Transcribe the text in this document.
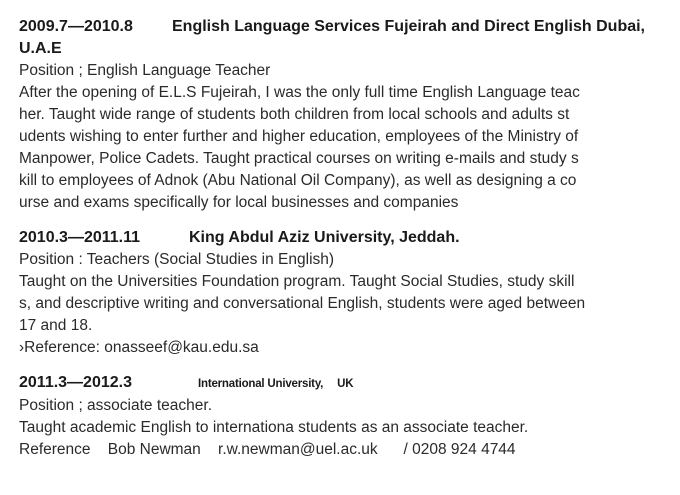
2009.7—2010.8 English Language Services Fujeirah and Direct English Dubai,
U.A.E
Position ; English Language Teacher
After the opening of E.L.S Fujeirah, I was the only full time English Language teac
her. Taught wide range of students both children from local schools and adults st
udents wishing to enter further and higher education, employees of the Ministry of
Manpower, Police Cadets. Taught practical courses on writing e-mails and study s
kill to employees of Adnok (Abu National Oil Company), as well as designing a co
urse and exams specifically for local businesses and companies
2010.3—2011.11	King Abdul Aziz University, Jeddah.
Position : Teachers (Social Studies in English)
Taught on the Universities Foundation program. Taught Social Studies, study skill
s, and descriptive writing and conversational English, students were aged between
17 and 18.
›Reference: onasseef@kau.edu.sa
2011.3—2012.3	International University, UK
Position ; associate teacher.
Taught academic English to internationa students as an associate teacher.
Reference Bob Newman r.w.newman@uel.ac.uk / 0208 924 4744
